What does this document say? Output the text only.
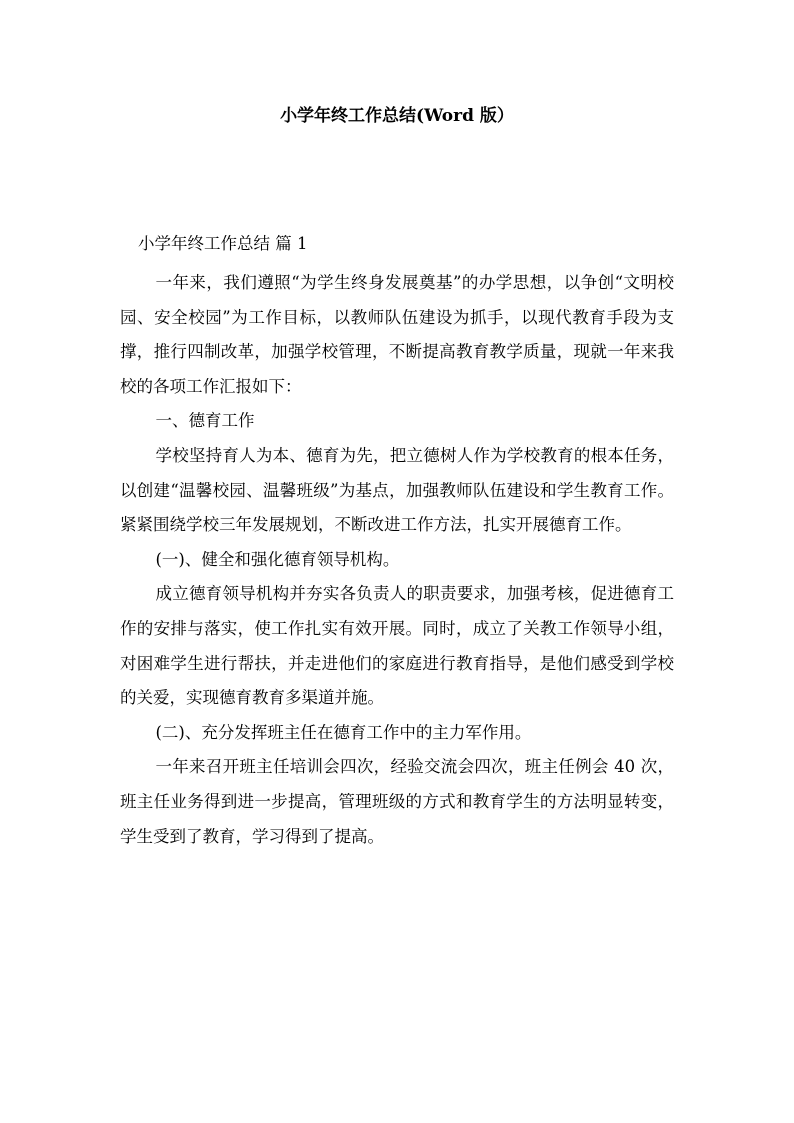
小学年终工作总结(Word 版）
小学年终工作总结 篇 1

一年来，我们遵照“为学生终身发展奠基”的办学思想，以争创“文明校园、安全校园”为工作目标，以教师队伍建设为抓手，以现代教育手段为支撑，推行四制改革，加强学校管理，不断提高教育教学质量，现就一年来我校的各项工作汇报如下：

一、德育工作

学校坚持育人为本、德育为先，把立德树人作为学校教育的根本任务，以创建“温馨校园、温馨班级”为基点，加强教师队伍建设和学生教育工作。紧紧围绕学校三年发展规划，不断改进工作方法，扎实开展德育工作。

(一)、健全和强化德育领导机构。

成立德育领导机构并夯实各负责人的职责要求，加强考核，促进德育工作的安排与落实，使工作扎实有效开展。同时，成立了关教工作领导小组，对困难学生进行帮扶，并走进他们的家庭进行教育指导，是他们感受到学校的关爱，实现德育教育多渠道并施。

(二)、充分发挥班主任在德育工作中的主力军作用。

一年来召开班主任培训会四次，经验交流会四次，班主任例会 40 次，班主任业务得到进一步提高，管理班级的方式和教育学生的方法明显转变，学生受到了教育，学习得到了提高。
